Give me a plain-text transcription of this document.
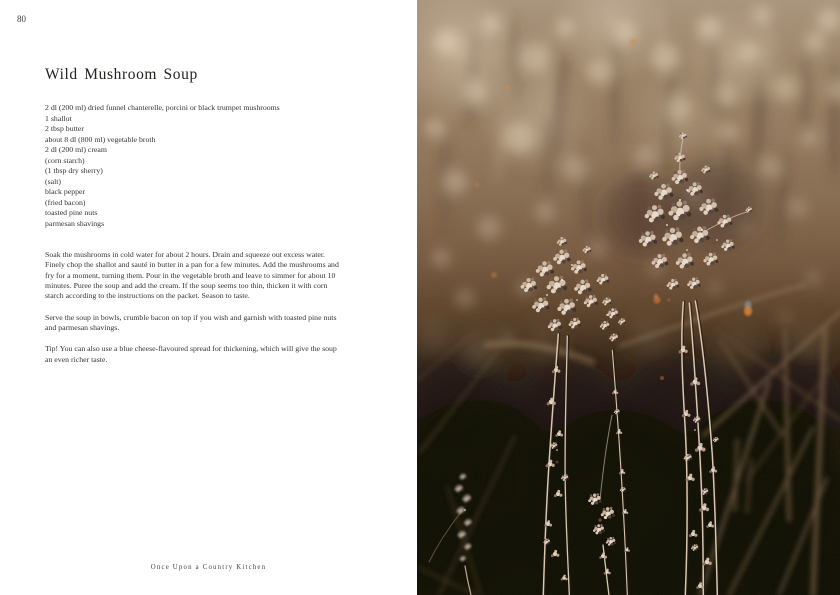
80
Wild Mushroom Soup
2 dl (200 ml) dried funnel chanterelle, porcini or black trumpet mushrooms
1 shallot
2 tbsp butter
about 8 dl (800 ml) vegetable broth
2 dl (200 ml) cream
(corn starch)
(1 tbsp dry sherry)
(salt)
black pepper
(fried bacon)
toasted pine nuts
parmesan shavings

Soak the mushrooms in cold water for about 2 hours. Drain and squeeze out excess water. Finely chop the shallot and sauté in butter in a pan for a few minutes. Add the mushrooms and fry for a moment, turning them. Pour in the vegetable broth and leave to simmer for about 10 minutes. Puree the soup and add the cream. If the soup seems too thin, thicken it with corn starch according to the instructions on the packet. Season to taste.

Serve the soup in bowls, crumble bacon on top if you wish and garnish with toasted pine nuts and parmesan shavings.

Tip! You can also use a blue cheese-flavoured spread for thickening, which will give the soup an even richer taste.

Once Upon a Country Kitchen
